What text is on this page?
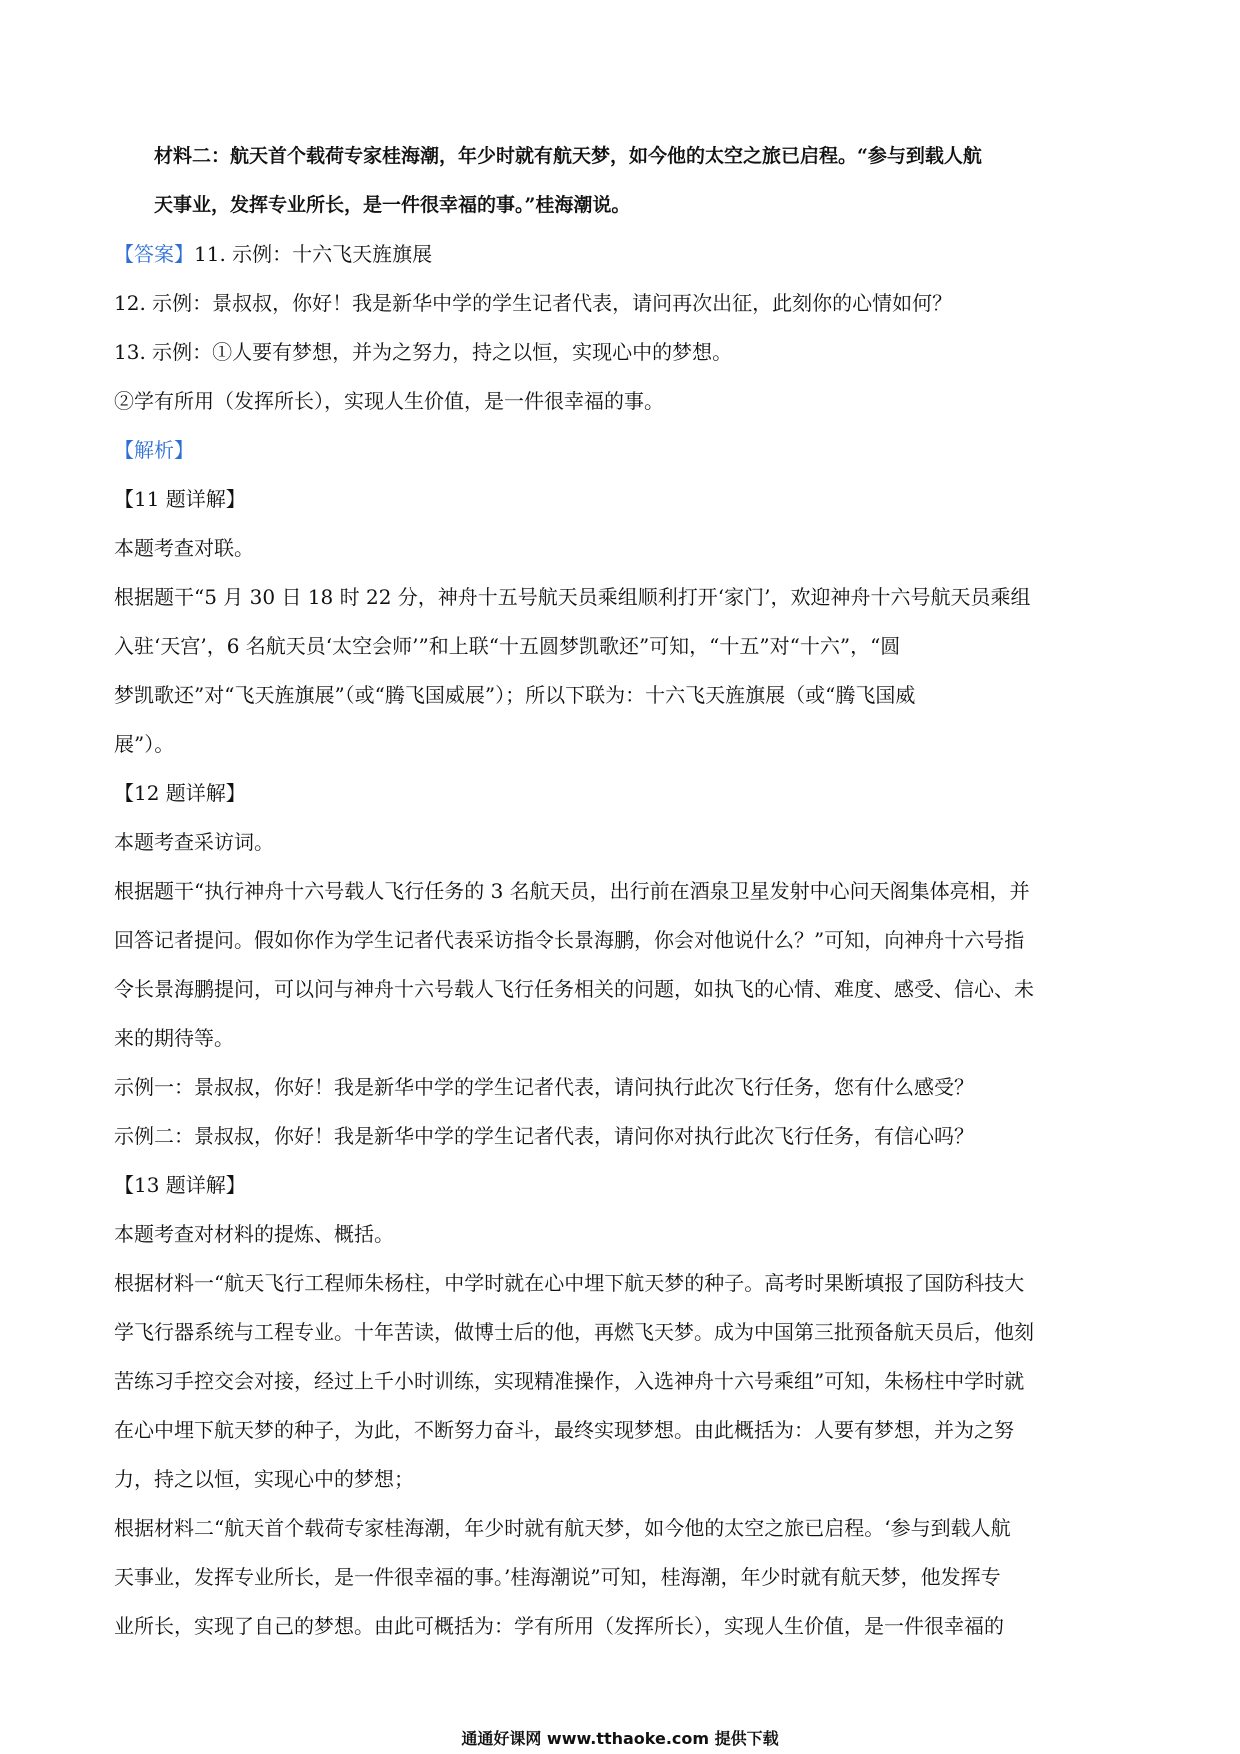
材料二：航天首个载荷专家桂海潮，年少时就有航天梦，如今他的太空之旅已启程。“参与到载人航
天事业，发挥专业所长，是一件很幸福的事。”桂海潮说。
【答案】11. 示例：十六飞天旌旗展
12. 示例：景叔叔，你好！我是新华中学的学生记者代表，请问再次出征，此刻你的心情如何？
13. 示例：①人要有梦想，并为之努力，持之以恒，实现心中的梦想。
②学有所用（发挥所长），实现人生价值，是一件很幸福的事。
【解析】
【11 题详解】
本题考查对联。
根据题干“5 月 30 日 18 时 22 分，神舟十五号航天员乘组顺利打开‘家门’，欢迎神舟十六号航天员乘组
入驻‘天宫’，6 名航天员‘太空会师’”和上联“十五圆梦凯歌还”可知，“十五”对“十六”，“圆
梦凯歌还”对“飞天旌旗展”（或“腾飞国威展”）；所以下联为：十六飞天旌旗展（或“腾飞国威
展”）。
【12 题详解】
本题考查采访词。
根据题干“执行神舟十六号载人飞行任务的 3 名航天员，出行前在酒泉卫星发射中心问天阁集体亮相，并
回答记者提问。假如你作为学生记者代表采访指令长景海鹏，你会对他说什么？”可知，向神舟十六号指
令长景海鹏提问，可以问与神舟十六号载人飞行任务相关的问题，如执飞的心情、难度、感受、信心、未
来的期待等。
示例一：景叔叔，你好！我是新华中学的学生记者代表，请问执行此次飞行任务，您有什么感受？
示例二：景叔叔，你好！我是新华中学的学生记者代表，请问你对执行此次飞行任务，有信心吗？
【13 题详解】
本题考查对材料的提炼、概括。
根据材料一“航天飞行工程师朱杨柱，中学时就在心中埋下航天梦的种子。高考时果断填报了国防科技大
学飞行器系统与工程专业。十年苦读，做博士后的他，再燃飞天梦。成为中国第三批预备航天员后，他刻
苦练习手控交会对接，经过上千小时训练，实现精准操作，入选神舟十六号乘组”可知，朱杨柱中学时就
在心中埋下航天梦的种子，为此，不断努力奋斗，最终实现梦想。由此概括为：人要有梦想，并为之努
力，持之以恒，实现心中的梦想；
根据材料二“航天首个载荷专家桂海潮，年少时就有航天梦，如今他的太空之旅已启程。‘参与到载人航
天事业，发挥专业所长，是一件很幸福的事。’桂海潮说”可知，桂海潮，年少时就有航天梦，他发挥专
业所长，实现了自己的梦想。由此可概括为：学有所用（发挥所长），实现人生价值，是一件很幸福的
通通好课网 www.tthaoke.com 提供下载
